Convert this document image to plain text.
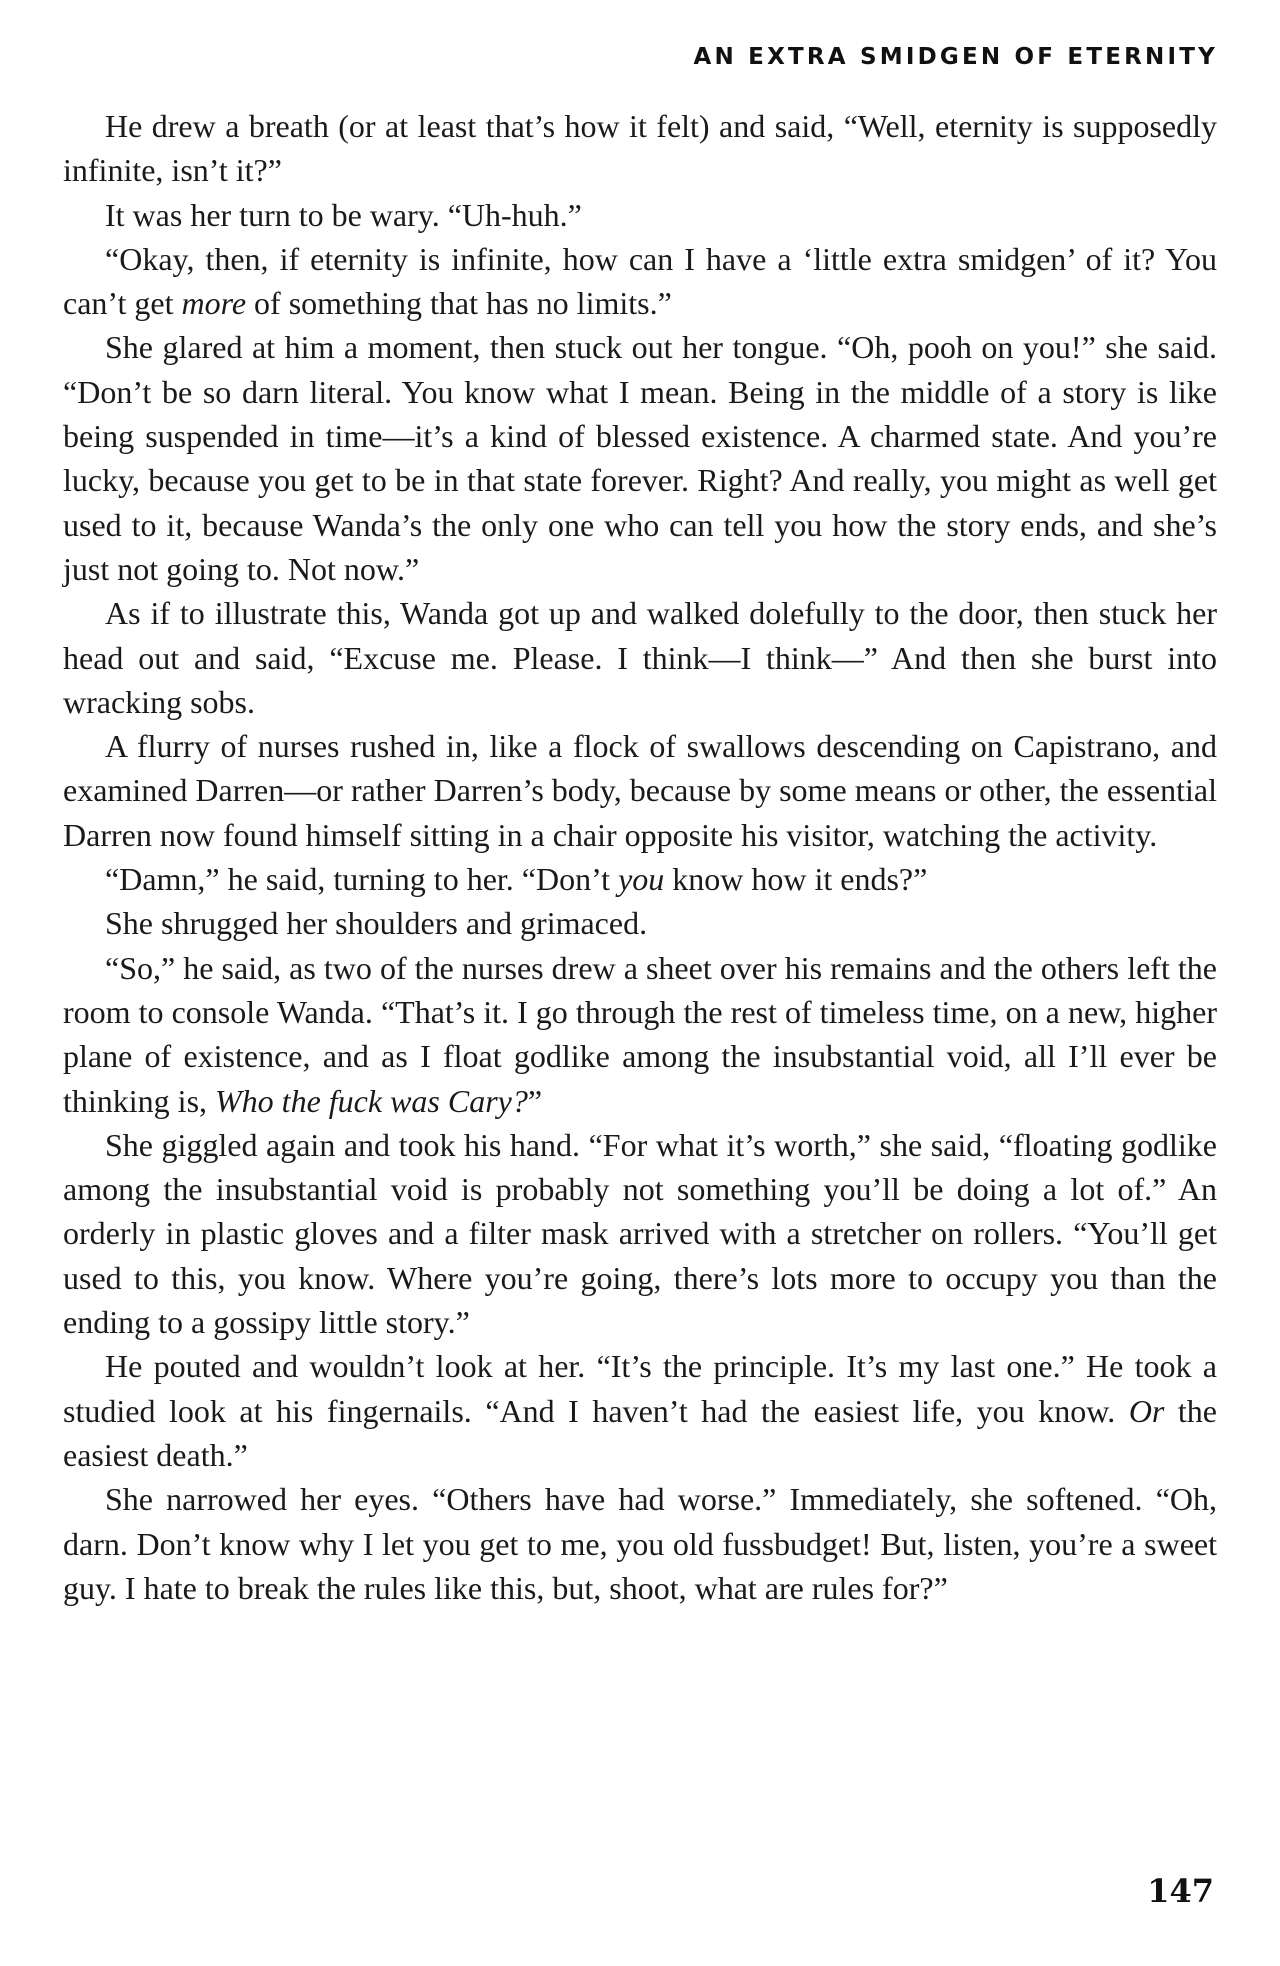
AN EXTRA SMIDGEN OF ETERNITY

He drew a breath (or at least that’s how it felt) and said, “Well, eternity is supposedly infinite, isn’t it?”

It was her turn to be wary. “Uh-huh.”

“Okay, then, if eternity is infinite, how can I have a ‘little extra smidgen’ of it? You can’t get more of something that has no limits.”

She glared at him a moment, then stuck out her tongue. “Oh, pooh on you!” she said. “Don’t be so darn literal. You know what I mean. Being in the middle of a story is like being suspended in time—it’s a kind of blessed existence. A charmed state. And you’re lucky, because you get to be in that state forever. Right? And really, you might as well get used to it, because Wanda’s the only one who can tell you how the story ends, and she’s just not going to. Not now.”

As if to illustrate this, Wanda got up and walked dolefully to the door, then stuck her head out and said, “Excuse me. Please. I think—I think—” And then she burst into wracking sobs.

A flurry of nurses rushed in, like a flock of swallows descending on Capistrano, and examined Darren—or rather Darren’s body, because by some means or other, the essential Darren now found himself sitting in a chair opposite his visitor, watching the activity.

“Damn,” he said, turning to her. “Don’t you know how it ends?”

She shrugged her shoulders and grimaced.

“So,” he said, as two of the nurses drew a sheet over his remains and the others left the room to console Wanda. “That’s it. I go through the rest of timeless time, on a new, higher plane of existence, and as I float godlike among the insubstantial void, all I’ll ever be thinking is, Who the fuck was Cary?”

She giggled again and took his hand. “For what it’s worth,” she said, “floating godlike among the insubstantial void is probably not something you’ll be doing a lot of.” An orderly in plastic gloves and a filter mask arrived with a stretcher on rollers. “You’ll get used to this, you know. Where you’re going, there’s lots more to occupy you than the ending to a gossipy little story.”

He pouted and wouldn’t look at her. “It’s the principle. It’s my last one.” He took a studied look at his fingernails. “And I haven’t had the easiest life, you know. Or the easiest death.”

She narrowed her eyes. “Others have had worse.” Immediately, she softened. “Oh, darn. Don’t know why I let you get to me, you old fussbudget! But, listen, you’re a sweet guy. I hate to break the rules like this, but, shoot, what are rules for?”

147
